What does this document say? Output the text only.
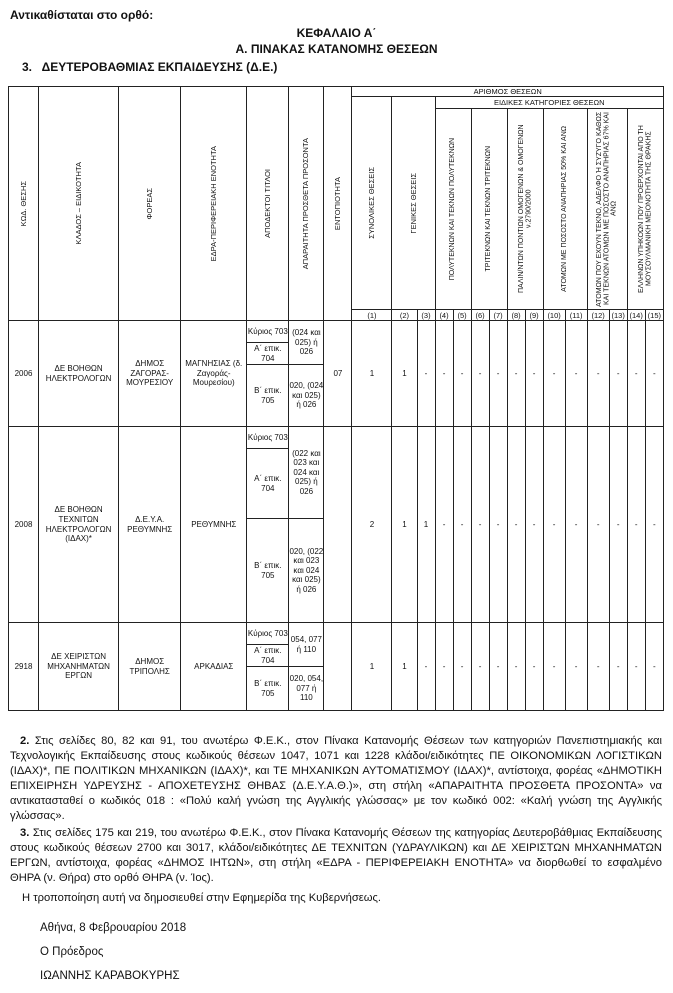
Αντικαθίσταται στο ορθό:
ΚΕΦΑΛΑΙΟ Α΄
Α. ΠΙΝΑΚΑΣ ΚΑΤΑΝΟΜΗΣ ΘΕΣΕΩΝ
3. ΔΕΥΤΕΡΟΒΑΘΜΙΑΣ ΕΚΠΑΙΔΕΥΣΗΣ (Δ.Ε.)
ΚΩΔ. ΘΕΣΗΣ	ΚΛΑΔΟΣ – ΕΙΔΙΚΟΤΗΤΑ	ΦΟΡΕΑΣ	ΕΔΡΑ-ΠΕΡΙΦΕΡΕΙΑΚΗ ΕΝΟΤΗΤΑ	ΑΠΟΔΕΚΤΟΙ ΤΙΤΛΟΙ	ΑΠΑΡΑΙΤΗΤΑ ΠΡΟΣΘΕΤΑ ΠΡΟΣΟΝΤΑ	ΕΝΤΟΠΙΟΤΗΤΑ	ΑΡΙΘΜΟΣ ΘΕΣΕΩΝ														

							ΣΥΝΟΛΙΚΕΣ ΘΕΣΕΙΣ	ΓΕΝΙΚΕΣ ΘΕΣΕΙΣ		ΕΙΔΙΚΕΣ ΚΑΤΗΓΟΡΙΕΣ ΘΕΣΕΩΝ											

										ΠΟΛΥΤΕΚΝΩΝ ΚΑΙ ΤΕΚΝΩΝ ΠΟΛΥΤΕΚΝΩΝ		ΤΡΙΤΕΚΝΩΝ ΚΑΙ ΤΕΚΝΩΝ ΤΡΙΤΕΚΝΩΝ		ΠΑΛΙΝ/ΝΤΩΝ ΠΟΝΤΙΩΝ ΟΜΟΓΕΝΩΝ & ΟΜΟΓΕΝΩΝ ν.2790/2000		ΑΤΟΜΩΝ ΜΕ ΠΟΣΟΣΤΟ ΑΝΑΠΗΡΙΑΣ 50% ΚΑΙ ΑΝΩ		ΑΤΟΜΩΝ ΠΟΥ ΕΧΟΥΝ ΤΕΚΝΟ, ΑΔΕΛΦΟ Ή ΣΥΖΥΓΟ ΚΑΘΩΣ ΚΑΙ ΤΕΚΝΩΝ ΑΤΟΜΩΝ ΜΕ ΠΟΣΟΣΤΟ ΑΝΑΠΗΡΙΑΣ 67% ΚΑΙ ΑΝΩ		ΕΛΛΗΝΩΝ ΥΠΗΚΟΩΝ ΠΟΥ ΠΡΟΕΡΧΟΝΤΑΙ ΑΠΟ ΤΗ ΜΟΥΣΟΥΛΜΑΝΙΚΗ ΜΕΙΟΝΟΤΗΤΑ ΤΗΣ ΘΡΑΚΗΣ	

							(1)	(2)	(3)	(4)	(5)	(6)	(7)	(8)	(9)	(10)	(11)	(12)	(13)	(14)	(15)
2006	ΔΕ ΒΟΗΘΩΝ ΗΛΕΚΤΡΟΛΟΓΩΝ	ΔΗΜΟΣ ΖΑΓΟΡΑΣ-ΜΟΥΡΕΣΙΟΥ	ΜΑΓΝΗΣΙΑΣ (δ. Ζαγοράς-Μουρεσίου)	Κύριος 703	(024 και 025) ή 026	07	1	1	-	-	-	-	-	-	-	-	-	-	-	-	-
				Α΄ επικ. 704																	
				Β΄ επικ. 705	020, (024 και 025) ή 026																
2008	ΔΕ ΒΟΗΘΩΝ ΤΕΧΝΙΤΩΝ ΗΛΕΚΤΡΟΛΟΓΩΝ (ΙΔΑΧ)*	Δ.Ε.Υ.Α. ΡΕΘΥΜΝΗΣ	ΡΕΘΥΜΝΗΣ	Κύριος 703	(022 και 023 και 024 και 025) ή 026		2	1	1	-	-	-	-	-	-	-	-	-	-	-	-
				Α΄ επικ. 704																	
				Β΄ επικ. 705	020, (022 και 023 και 024 και 025) ή 026																
2918	ΔΕ ΧΕΙΡΙΣΤΩΝ ΜΗΧΑΝΗΜΑΤΩΝ ΕΡΓΩΝ	ΔΗΜΟΣ ΤΡΙΠΟΛΗΣ	ΑΡΚΑΔΙΑΣ	Κύριος 703	054, 077 ή 110		1	1	-	-	-	-	-	-	-	-	-	-	-	-	-
				Α΄ επικ. 704																	
				Β΄ επικ. 705	020, 054, 077 ή 110																
2. Στις σελίδες 80, 82 και 91, του ανωτέρω Φ.Ε.Κ., στον Πίνακα Κατανομής Θέσεων των κατηγοριών Πανεπιστημιακής και Τεχνολογικής Εκπαίδευσης στους κωδικούς θέσεων 1047, 1071 και 1228 κλάδοι/ειδικότητες ΠΕ ΟΙΚΟΝΟΜΙΚΩΝ ΛΟΓΙΣΤΙΚΩΝ (ΙΔΑΧ)*, ΠΕ ΠΟΛΙΤΙΚΩΝ ΜΗΧΑΝΙΚΩΝ (ΙΔΑΧ)*, και ΤΕ ΜΗΧΑΝΙΚΩΝ ΑΥΤΟΜΑΤΙΣΜΟΥ (ΙΔΑΧ)*, αντίστοιχα, φορέας «ΔΗΜΟΤΙΚΗ ΕΠΙΧΕΙΡΗΣΗ ΥΔΡΕΥΣΗΣ - ΑΠΟΧΕΤΕΥΣΗΣ ΘΗΒΑΣ (Δ.Ε.Υ.Α.Θ.)», στη στήλη «ΑΠΑΡΑΙΤΗΤΑ ΠΡΟΣΘΕΤΑ ΠΡΟΣΟΝΤΑ» να αντικατασταθεί ο κωδικός 018 : «Πολύ καλή γνώση της Αγγλικής γλώσσας» με τον κωδικό 002: «Καλή γνώση της Αγγλικής γλώσσας».
3. Στις σελίδες 175 και 219, του ανωτέρω Φ.Ε.Κ., στον Πίνακα Κατανομής Θέσεων της κατηγορίας Δευτεροβάθμιας Εκπαίδευσης στους κωδικούς θέσεων 2700 και 3017, κλάδοι/ειδικότητες ΔΕ ΤΕΧΝΙΤΩΝ (ΥΔΡΑΥΛΙΚΩΝ) και ΔΕ ΧΕΙΡΙΣΤΩΝ ΜΗΧΑΝΗΜΑΤΩΝ ΕΡΓΩΝ, αντίστοιχα, φορέας «ΔΗΜΟΣ ΙΗΤΩΝ», στη στήλη «ΕΔΡΑ - ΠΕΡΙΦΕΡΕΙΑΚΗ ΕΝΟΤΗΤΑ» να διορθωθεί το εσφαλμένο ΘΗΡΑ (ν. Θήρα) στο ορθό ΘΗΡΑ (ν. Ίος).
Η τροποποίηση αυτή να δημοσιευθεί στην Εφημερίδα της Κυβερνήσεως.
Αθήνα, 8 Φεβρουαρίου 2018
Ο Πρόεδρος
ΙΩΑΝΝΗΣ ΚΑΡΑΒΟΚΥΡΗΣ
